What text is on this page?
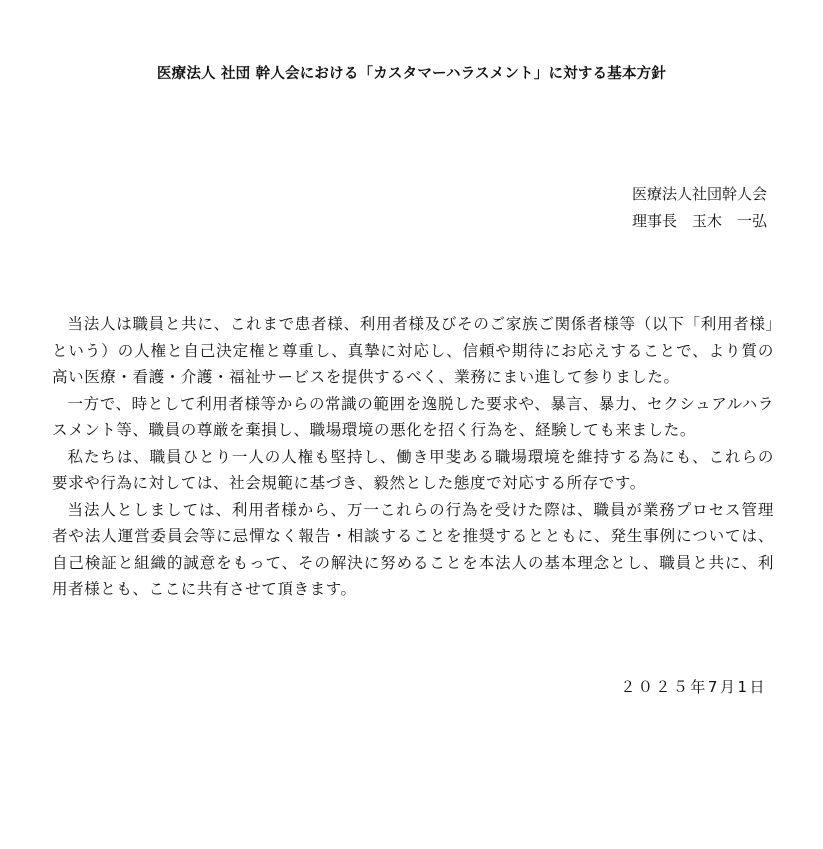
医療法人 社団 幹人会における「カスタマーハラスメント」に対する基本方針
医療法人社団幹人会
理事長　玉木　一弘

当法人は職員と共に、これまで患者様、利用者様及びそのご家族ご関係者様等（以下「利用者様」という）の人権と自己決定権と尊重し、真摯に対応し、信頼や期待にお応えすることで、より質の高い医療・看護・介護・福祉サービスを提供するべく、業務にまい進して参りました。

一方で、時として利用者様等からの常識の範囲を逸脱した要求や、暴言、暴力、セクシュアルハラスメント等、職員の尊厳を棄損し、職場環境の悪化を招く行為を、経験しても来ました。

私たちは、職員ひとり一人の人権も堅持し、働き甲斐ある職場環境を維持する為にも、これらの要求や行為に対しては、社会規範に基づき、毅然とした態度で対応する所存です。

当法人としましては、利用者様から、万一これらの行為を受けた際は、職員が業務プロセス管理者や法人運営委員会等に忌憚なく報告・相談することを推奨するとともに、発生事例については、自己検証と組織的誠意をもって、その解決に努めることを本法人の基本理念とし、職員と共に、利用者様とも、ここに共有させて頂きます。

２０２５年7月1日
